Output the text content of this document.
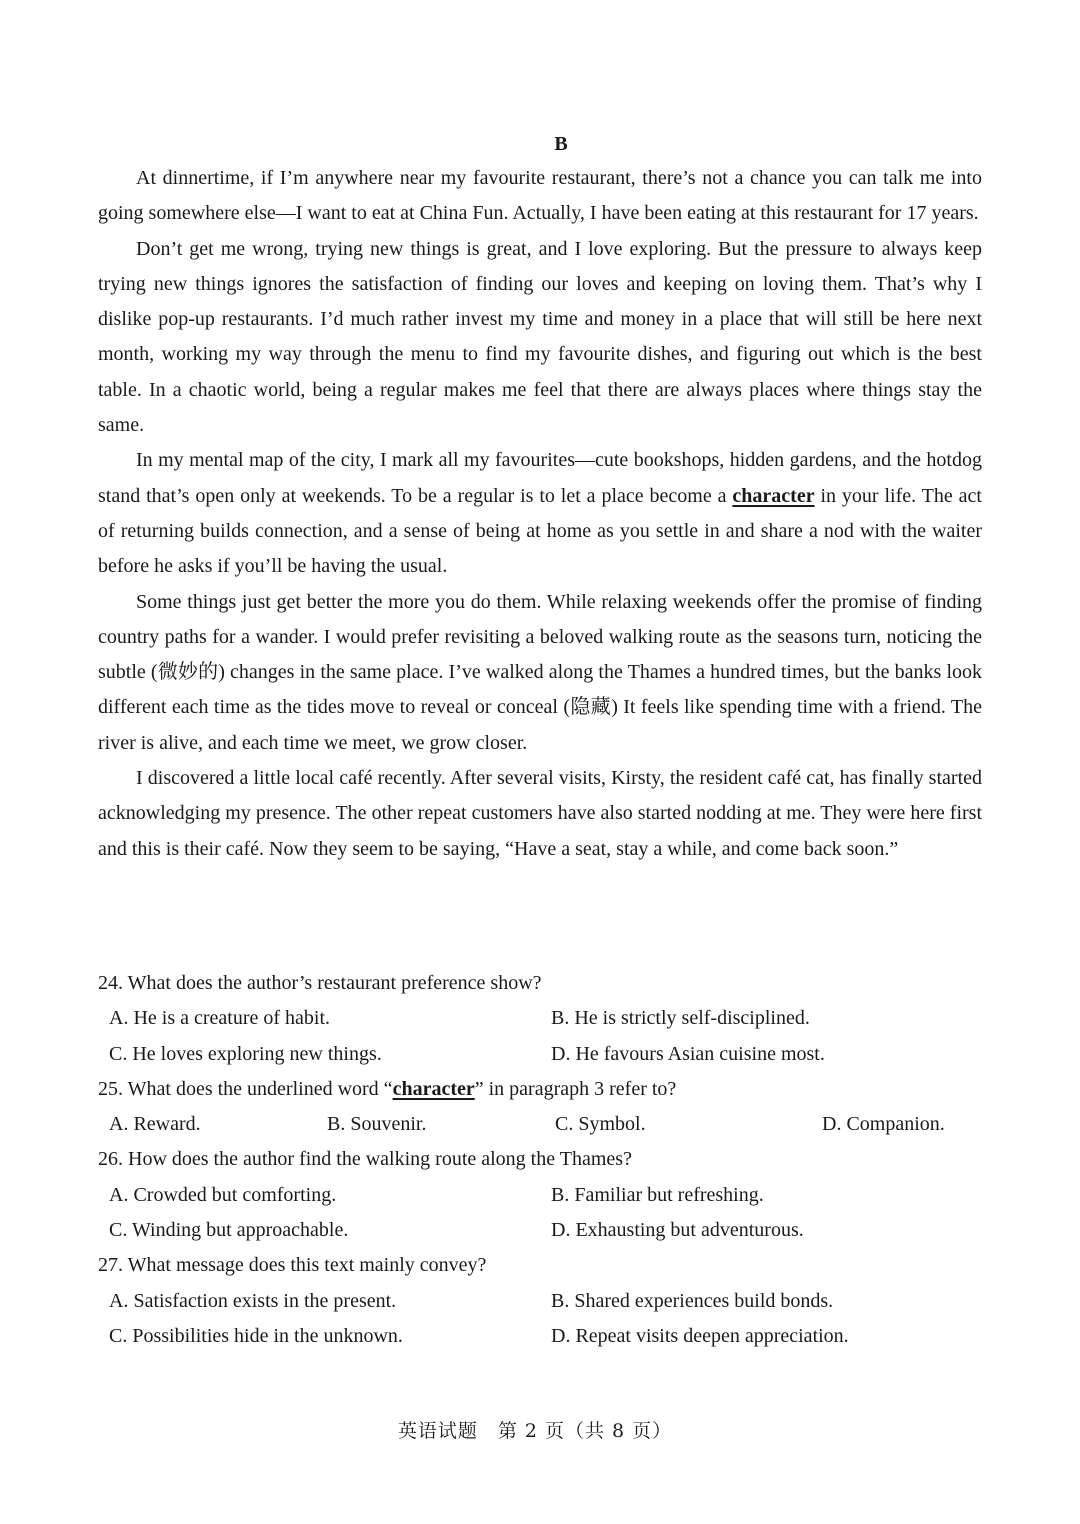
B

At dinnertime, if I’m anywhere near my favourite restaurant, there’s not a chance you can talk me into going somewhere else—I want to eat at China Fun. Actually, I have been eating at this restaurant for 17 years.

Don’t get me wrong, trying new things is great, and I love exploring. But the pressure to always keep trying new things ignores the satisfaction of finding our loves and keeping on loving them. That’s why I dislike pop-up restaurants. I’d much rather invest my time and money in a place that will still be here next month, working my way through the menu to find my favourite dishes, and figuring out which is the best table. In a chaotic world, being a regular makes me feel that there are always places where things stay the same.

In my mental map of the city, I mark all my favourites—cute bookshops, hidden gardens, and the hotdog stand that’s open only at weekends. To be a regular is to let a place become a character in your life. The act of returning builds connection, and a sense of being at home as you settle in and share a nod with the waiter before he asks if you’ll be having the usual.

Some things just get better the more you do them. While relaxing weekends offer the promise of finding country paths for a wander. I would prefer revisiting a beloved walking route as the seasons turn, noticing the subtle (微妙的) changes in the same place. I’ve walked along the Thames a hundred times, but the banks look different each time as the tides move to reveal or conceal (隐藏) It feels like spending time with a friend. The river is alive, and each time we meet, we grow closer.

I discovered a little local café recently. After several visits, Kirsty, the resident café cat, has finally started acknowledging my presence. The other repeat customers have also started nodding at me. They were here first and this is their café. Now they seem to be saying, “Have a seat, stay a while, and come back soon.”

24. What does the author’s restaurant preference show?

A. He is a creature of habit.	B. He is strictly self-disciplined.
C. He loves exploring new things.	D. He favours Asian cuisine most.

25. What does the underlined word “character” in paragraph 3 refer to?

A. Reward.	B. Souvenir.	C. Symbol.	D. Companion.

26. How does the author find the walking route along the Thames?

A. Crowded but comforting.	B. Familiar but refreshing.
C. Winding but approachable.	D. Exhausting but adventurous.

27. What message does this text mainly convey?

A. Satisfaction exists in the present.	B. Shared experiences build bonds.
C. Possibilities hide in the unknown.	D. Repeat visits deepen appreciation.
英语试题　第 2 页（共 8 页）
